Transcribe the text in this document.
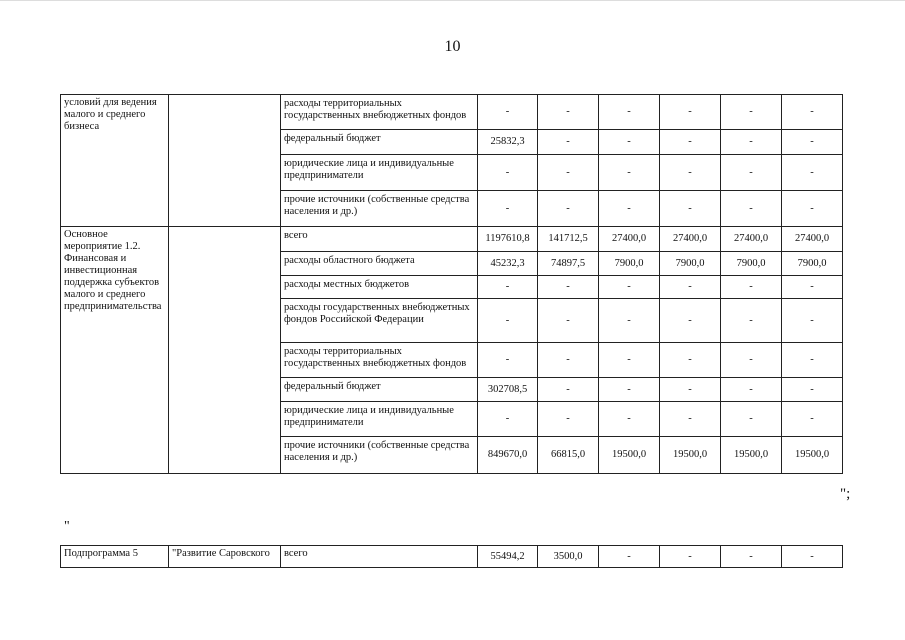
10
условий для ведения малого и среднего бизнеса		расходы территориальных государственных внебюджетных фондов	-	-	-	-	-	-
		федеральный бюджет	25832,3	-	-	-	-	-
		юридические лица и индивидуальные предприниматели	-	-	-	-	-	-
		прочие источники (собственные средства населения и др.)	-	-	-	-	-	-
Основное мероприятие 1.2. Финансовая и инвестиционная поддержка субъектов малого и среднего предпринимательства		всего	1197610,8	141712,5	27400,0	27400,0	27400,0	27400,0
		расходы областного бюджета	45232,3	74897,5	7900,0	7900,0	7900,0	7900,0
		расходы местных бюджетов	-	-	-	-	-	-
		расходы государственных внебюджетных фондов Российской Федерации	-	-	-	-	-	-
		расходы территориальных государственных внебюджетных фондов	-	-	-	-	-	-
		федеральный бюджет	302708,5	-	-	-	-	-
		юридические лица и индивидуальные предприниматели	-	-	-	-	-	-
		прочие источники (собственные средства населения и др.)	849670,0	66815,0	19500,0	19500,0	19500,0	19500,0
";
"
Подпрограмма 5	"Развитие Саровского	всего	55494,2	3500,0	-	-	-	-
